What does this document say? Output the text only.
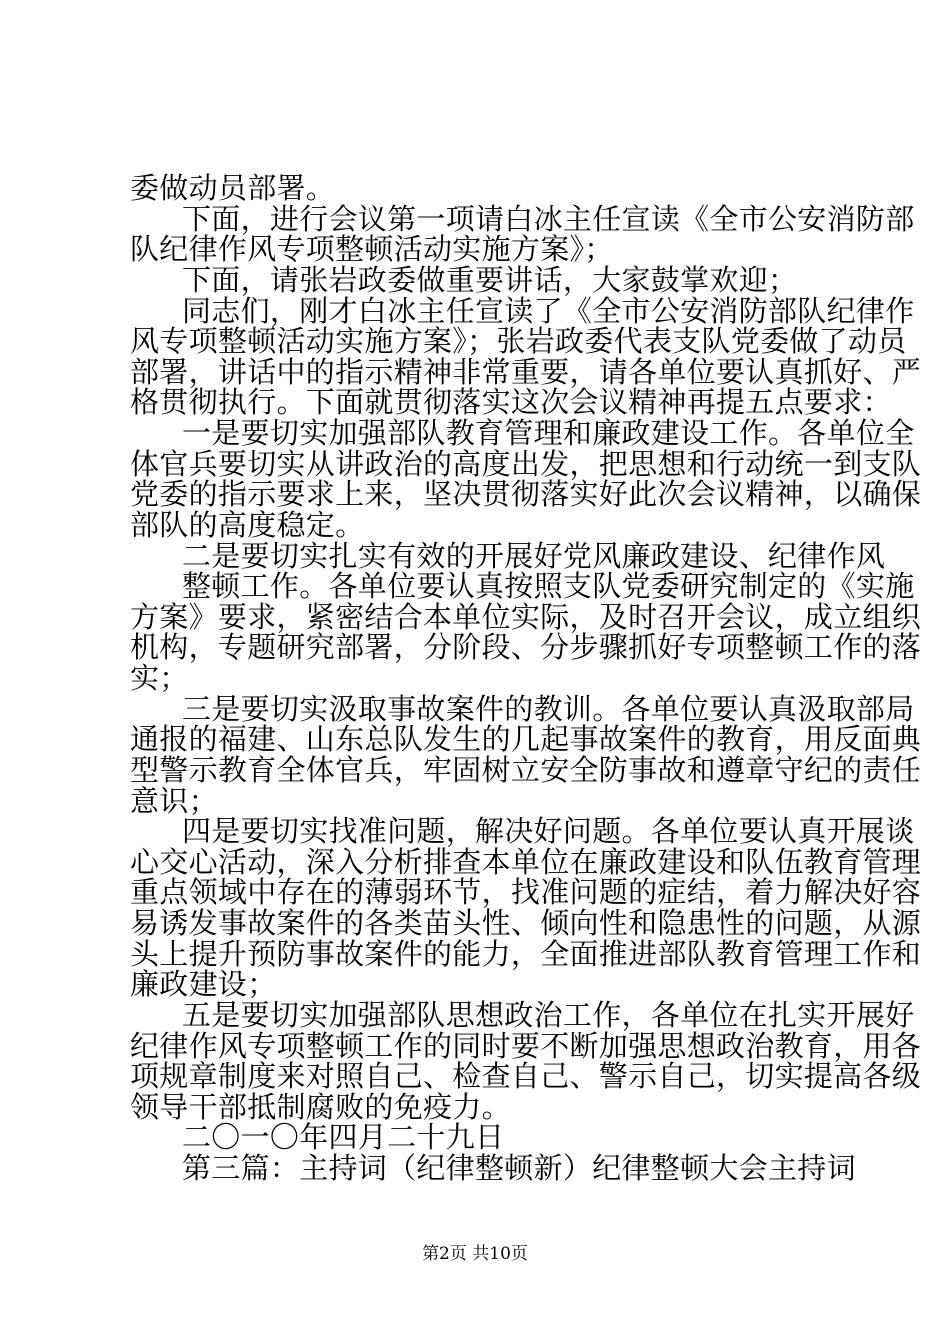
委做动员部署。
下面，进行会议第一项请白冰主任宣读《全市公安消防部
队纪律作风专项整顿活动实施方案》；
下面，请张岩政委做重要讲话，大家鼓掌欢迎；
同志们，刚才白冰主任宣读了《全市公安消防部队纪律作
风专项整顿活动实施方案》；张岩政委代表支队党委做了动员
部署，讲话中的指示精神非常重要，请各单位要认真抓好、严
格贯彻执行。下面就贯彻落实这次会议精神再提五点要求：
一是要切实加强部队教育管理和廉政建设工作。各单位全
体官兵要切实从讲政治的高度出发，把思想和行动统一到支队
党委的指示要求上来，坚决贯彻落实好此次会议精神，以确保
部队的高度稳定。
二是要切实扎实有效的开展好党风廉政建设、纪律作风
整顿工作。各单位要认真按照支队党委研究制定的《实施
方案》要求，紧密结合本单位实际，及时召开会议，成立组织
机构，专题研究部署，分阶段、分步骤抓好专项整顿工作的落
实；
三是要切实汲取事故案件的教训。各单位要认真汲取部局
通报的福建、山东总队发生的几起事故案件的教育，用反面典
型警示教育全体官兵，牢固树立安全防事故和遵章守纪的责任
意识；
四是要切实找准问题，解决好问题。各单位要认真开展谈
心交心活动，深入分析排查本单位在廉政建设和队伍教育管理
重点领域中存在的薄弱环节，找准问题的症结，着力解决好容
易诱发事故案件的各类苗头性、倾向性和隐患性的问题，从源
头上提升预防事故案件的能力，全面推进部队教育管理工作和
廉政建设；
五是要切实加强部队思想政治工作，各单位在扎实开展好
纪律作风专项整顿工作的同时要不断加强思想政治教育，用各
项规章制度来对照自己、检查自己、警示自己，切实提高各级
领导干部抵制腐败的免疫力。
二〇一〇年四月二十九日
第三篇：主持词（纪律整顿新）纪律整顿大会主持词
第2页 共10页
